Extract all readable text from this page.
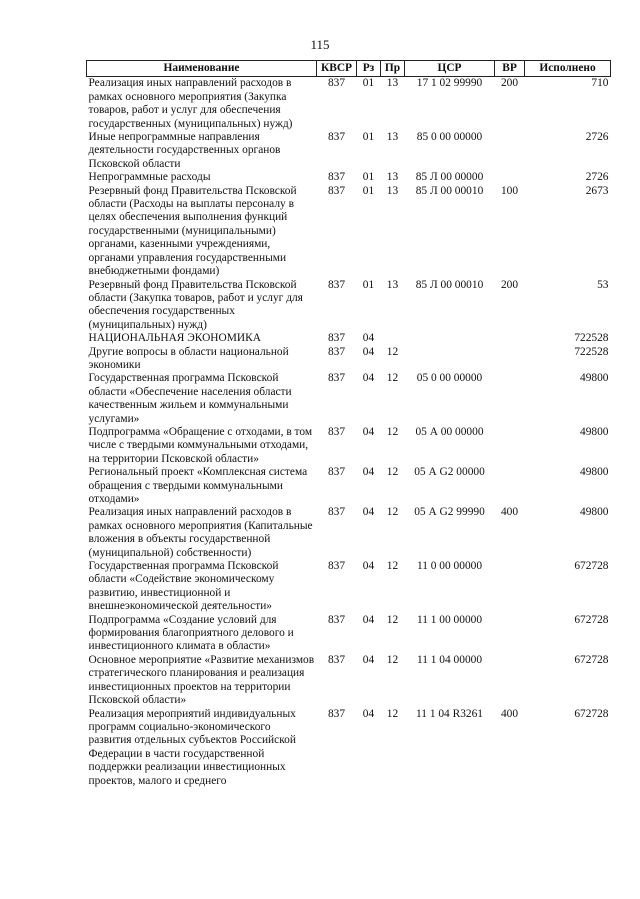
115
Наименование	КВСР	Рз	Пр	ЦСР	ВР	Исполнено
Реализация иных направлений расходов в рамках основного мероприятия (Закупка товаров, работ и услуг для обеспечения государственных (муниципальных) нужд)	837	01	13	17 1 02 99990	200	710
Иные непрограммные направления деятельности государственных органов Псковской области	837	01	13	85 0 00 00000		2726
Непрограммные расходы	837	01	13	85 Л 00 00000		2726
Резервный фонд Правительства Псковской области (Расходы на выплаты персоналу в целях обеспечения выполнения функций государственными (муниципальными) органами, казенными учреждениями, органами управления государственными внебюджетными фондами)	837	01	13	85 Л 00 00010	100	2673
Резервный фонд Правительства Псковской области (Закупка товаров, работ и услуг для обеспечения государственных (муниципальных) нужд)	837	01	13	85 Л 00 00010	200	53
НАЦИОНАЛЬНАЯ ЭКОНОМИКА	837	04				722528
Другие вопросы в области национальной экономики	837	04	12			722528
Государственная программа Псковской области «Обеспечение населения области качественным жильем и коммунальными услугами»	837	04	12	05 0 00 00000		49800
Подпрограмма «Обращение с отходами, в том числе с твердыми коммунальными отходами, на территории Псковской области»	837	04	12	05 А 00 00000		49800
Региональный проект «Комплексная система обращения с твердыми коммунальными отходами»	837	04	12	05 А G2 00000		49800
Реализация иных направлений расходов в рамках основного мероприятия (Капитальные вложения в объекты государственной (муниципальной) собственности)	837	04	12	05 А G2 99990	400	49800
Государственная программа Псковской области «Содействие экономическому развитию, инвестиционной и внешнеэкономической деятельности»	837	04	12	11 0 00 00000		672728
Подпрограмма «Создание условий для формирования благоприятного делового и инвестиционного климата в области»	837	04	12	11 1 00 00000		672728
Основное мероприятие «Развитие механизмов стратегического планирования и реализация инвестиционных проектов на территории Псковской области»	837	04	12	11 1 04 00000		672728
Реализация мероприятий индивидуальных программ социально-экономического развития отдельных субъектов Российской Федерации в части государственной поддержки реализации инвестиционных проектов, малого и среднего	837	04	12	11 1 04 R3261	400	672728
